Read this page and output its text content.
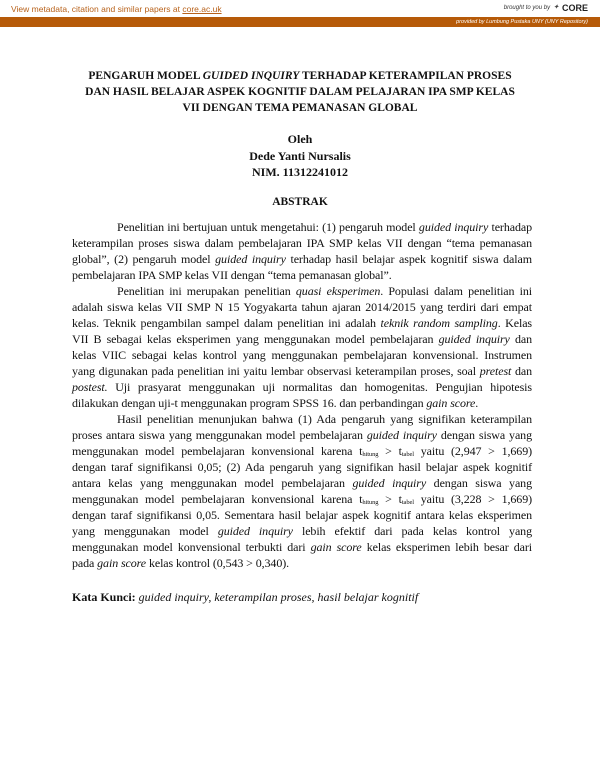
View metadata, citation and similar papers at core.ac.uk	brought to you by ✦ CORE
provided by Lumbung Pustaka UNY (UNY Repository)
PENGARUH MODEL GUIDED INQUIRY TERHADAP KETERAMPILAN PROSES
DAN HASIL BELAJAR ASPEK KOGNITIF DALAM PELAJARAN IPA SMP KELAS
VII DENGAN TEMA PEMANASAN GLOBAL
Oleh
Dede Yanti Nursalis
NIM. 11312241012
ABSTRAK
Penelitian ini bertujuan untuk mengetahui: (1) pengaruh model guided inquiry terhadap
keterampilan proses siswa dalam pembelajaran IPA SMP kelas VII dengan “tema pemanasan
global”, (2) pengaruh model guided inquiry terhadap hasil belajar aspek kognitif siswa dalam
pembelajaran IPA SMP kelas VII dengan “tema pemanasan global”.
Penelitian ini merupakan penelitian quasi eksperimen. Populasi dalam penelitian ini
adalah siswa kelas VII SMP N 15 Yogyakarta tahun ajaran 2014/2015 yang terdiri dari empat
kelas. Teknik pengambilan sampel dalam penelitian ini adalah teknik random sampling. Kelas
VII B sebagai kelas eksperimen yang menggunakan model pembelajaran guided inquiry dan
kelas VIIC sebagai kelas kontrol yang menggunakan pembelajaran konvensional. Instrumen
yang digunakan pada penelitian ini yaitu lembar observasi keterampilan proses, soal pretest dan
postest. Uji prasyarat menggunakan uji normalitas dan homogenitas. Pengujian hipotesis
dilakukan dengan uji-t menggunakan program SPSS 16. dan perbandingan gain score.
Hasil penelitian menunjukan bahwa (1) Ada pengaruh yang signifikan keterampilan
proses antara siswa yang menggunakan model pembelajaran guided inquiry dengan siswa yang
menggunakan model pembelajaran konvensional karena $t_{hitung} > t_{tabel}$ yaitu (2,947 > 1,669)
dengan taraf signifikansi 0,05; (2) Ada pengaruh yang signifikan hasil belajar aspek kognitif
antara kelas yang menggunakan model pembelajaran guided inquiry dengan siswa yang
menggunakan model pembelajaran konvensional karena $t_{hitung} > t_{tabel}$ yaitu (3,228 > 1,669)
dengan taraf signifikansi 0,05. Sementara hasil belajar aspek kognitif antara kelas eksperimen
yang menggunakan model guided inquiry lebih efektif dari pada kelas kontrol yang
menggunakan model konvensional terbukti dari gain score kelas eksperimen lebih besar dari
pada gain score kelas kontrol (0,543 > 0,340).
Kata Kunci: guided inquiry, keterampilan proses, hasil belajar kognitif
